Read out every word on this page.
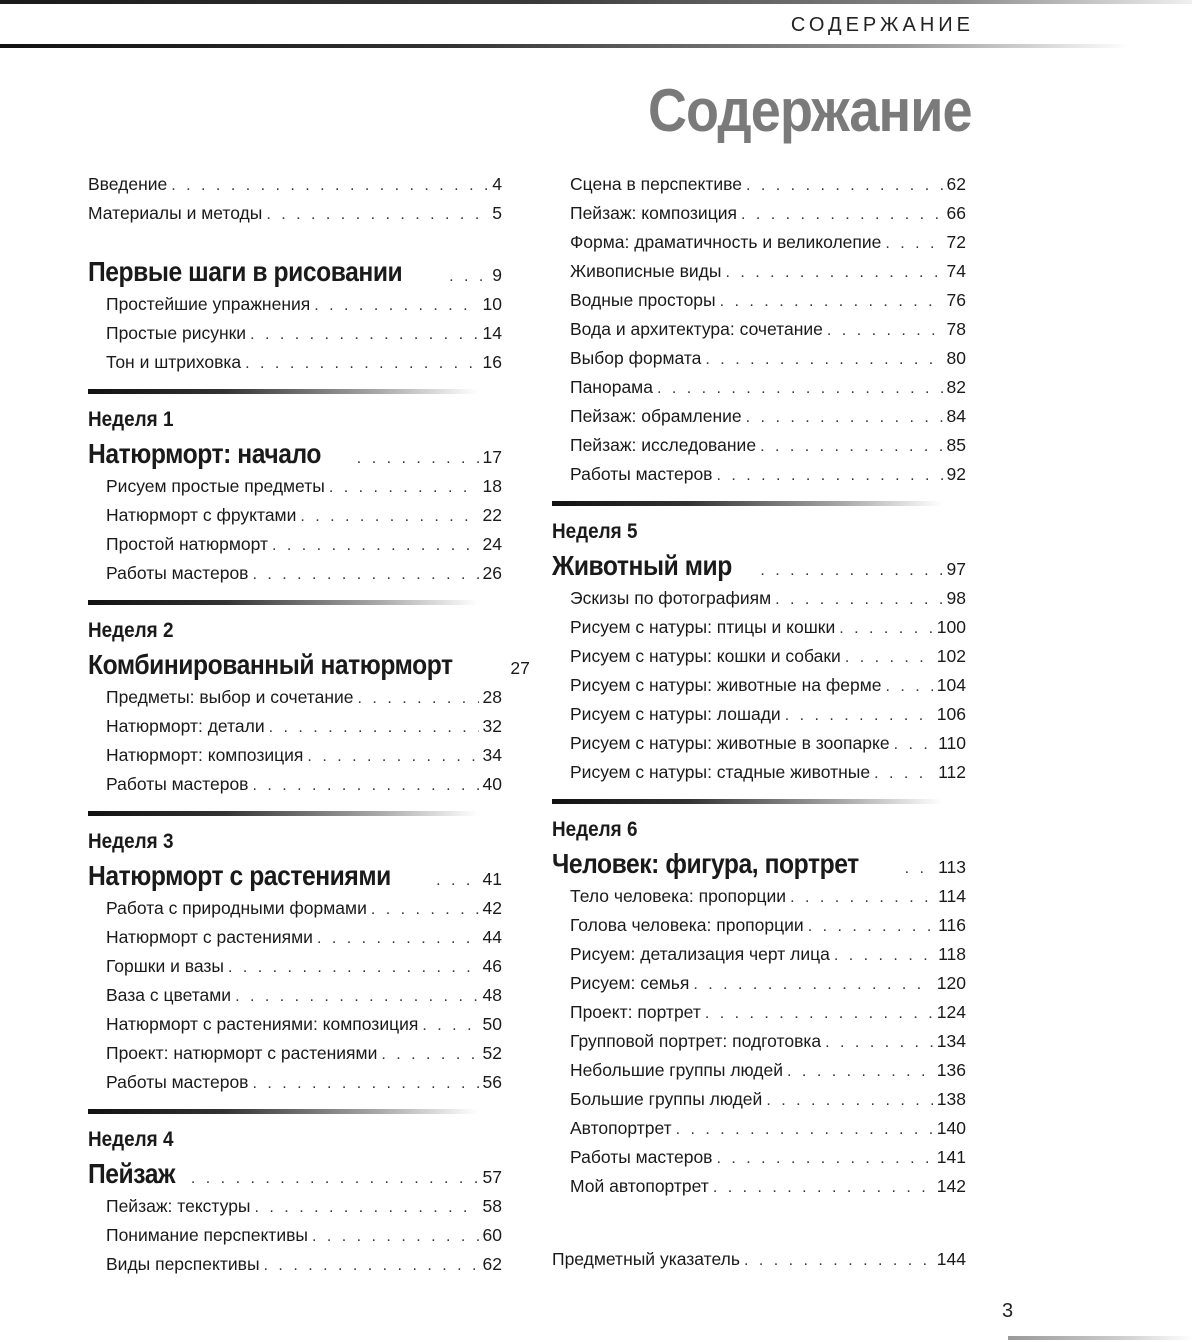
СОДЕРЖАНИЕ
Содержание
Введение . . .	4
Материалы и методы . . .	5
Первые шаги в рисовании . . .	9
Простейшие упражнения . . .	10
Простые рисунки . . .	14
Тон и штриховка . . .	16
Неделя 1
Натюрморт: начало . . .	17
Рисуем простые предметы . . .	18
Натюрморт с фруктами . . .	22
Простой натюрморт . . .	24
Работы мастеров . . .	26
Неделя 2
Комбинированный натюрморт	27
Предметы: выбор и сочетание . . .	28
Натюрморт: детали . . .	32
Натюрморт: композиция . . .	34
Работы мастеров . . .	40
Неделя 3
Натюрморт с растениями . . .	41
Работа с природными формами . . .	42
Натюрморт с растениями . . .	44
Горшки и вазы . . .	46
Ваза с цветами . . .	48
Натюрморт с растениями: композиция . . .	50
Проект: натюрморт с растениями . . .	52
Работы мастеров . . .	56
Неделя 4
Пейзаж . . .	57
Пейзаж: текстуры . . .	58
Понимание перспективы . . .	60
Виды перспективы . . .	62
Сцена в перспективе . . .	62
Пейзаж: композиция . . .	66
Форма: драматичность и великолепие . . .	72
Живописные виды . . .	74
Водные просторы . . .	76
Вода и архитектура: сочетание . . .	78
Выбор формата . . .	80
Панорама . . .	82
Пейзаж: обрамление . . .	84
Пейзаж: исследование . . .	85
Работы мастеров . . .	92
Неделя 5
Животный мир . . .	97
Эскизы по фотографиям . . .	98
Рисуем с натуры: птицы и кошки . . .	100
Рисуем с натуры: кошки и собаки . . .	102
Рисуем с натуры: животные на ферме . . .	104
Рисуем с натуры: лошади . . .	106
Рисуем с натуры: животные в зоопарке . . .	110
Рисуем с натуры: стадные животные . . .	112
Неделя 6
Человек: фигура, портрет . . .	113
Тело человека: пропорции . . .	114
Голова человека: пропорции . . .	116
Рисуем: детализация черт лица . . .	118
Рисуем: семья . . .	120
Проект: портрет . . .	124
Групповой портрет: подготовка . . .	134
Небольшие группы людей . . .	136
Большие группы людей . . .	138
Автопортрет . . .	140
Работы мастеров . . .	141
Мой автопортрет . . .	142
Предметный указатель . . .	144
3
